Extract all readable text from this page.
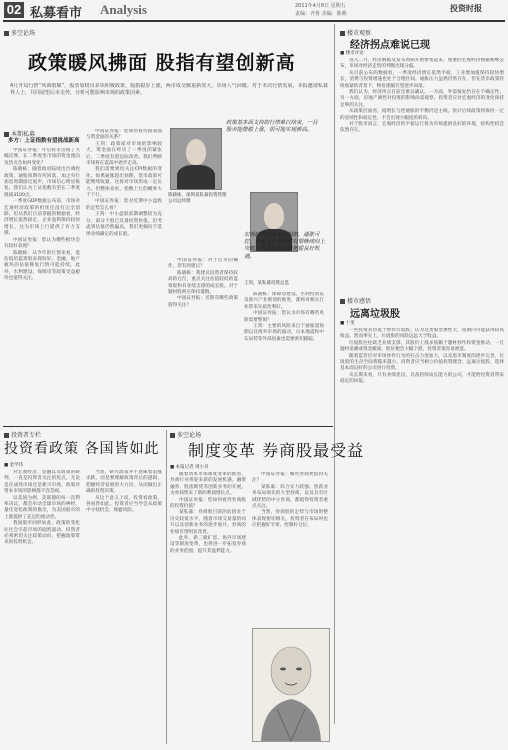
02 私募看市 Analysis	2011年4月8日 星期五
责编：齐鲁 美编：陈燕
投资时报
多空论场
政策暖风拂面 股指有望创新高
4月开局行情“风调雨顺”，股票加权出多项积极政策，股指稳步上涨，两市成交额重新放大，市场人气回暖。对于本次行情发展，本报邀请私募界人士，共同展望后市走势，分析可能影响市场的政策因素。
本期私募
多方：上证指数有望挑战新高

中国证券报：年后股市出现了大幅反弹，在二季度里市场的资金流向及热点会如何变化？

陈晓栋：随着政府陆续出台调控政策，通胀预期有所回落，加之央行加息周期接近尾声，市场信心明显恢复。我们认为上证指数有望在二季度挑战3100点。

一季度GDP数据公布前，市场对宏观经济政策的担忧还没有完全消除。但从我们目前掌握的数据看，经济增长依然稳定，企业盈利保持较快增长，这为市场上行提供了有力支撑。

中国证券报：您认为哪些板块会有较好表现？

陈晓栋：从今年的行情来看，低估值的蓝筹股表现较好，金融、地产板块的估值修复行情可能持续。此外，水利建设、保障房等政策受益板块也值得关注。

中国证券报：您如何看待政策面与资金面的关系？

王剑：政策面对市场的影响较大，资金面在经历了一季度的紧张后，二季度有望边际改善。我们判断市场将在震荡中逐步走高。

我们需要密切关注CPI数据的变化。如果通胀超出预期，货币政策可能继续收紧，这将对市场形成一定压力。但整体来看，指数上行的概率大于下行。

中国证券报：您对近期中小盘股的走势怎么看？

王剑：中小盘股前期调整较为充分，部分个股已具备投资价值。但考虑到估值仍然偏高，我们更倾向于选择业绩确定的成长股。

中国证券报：对于后市的操作，您有何建议？

陈晓栋：我建议投资者保持较高的仓位，重点关注估值较低的蓝筹股和有业绩支撑的成长股。对于题材股则应保持谨慎。

中国证券报：近期有哪些政策值得关注？

陈晓栋：保障房建设、水利投资以及新兴产业规划的推进，都将对相关行业带来实质性利好。

中国证券报：您认为市场有哪些风险需要警惕？

王剑：主要的风险来自于通胀超预期以及海外市场的波动，日本地震和中东局势等外部因素也需要密切跟踪。

政策基本面支持的行情难以结束，一旦股市能摆脱上涨，很可能实现新高。
陈晓栋，深圳某私募投资管理公司总经理
宏观经济政策走向明朗，通胀可控，未来上证指数将有望继续向上突破，风险投资者应把握良好机遇。
王剑，某私募投资总监
楼市观察
经济拐点难说已现
■ 楼市评论

进入二月，经济数据及发布周期开始密集起来，重要的宏观经济数据相继公布，市场对经济走势的判断出现分歧。

从目前公布的数据看，一季度经济增长依然平稳，工业增加值保持较快增长，消费与投资增速也处于合理区间。通胀压力虽然仍然存在，但在货币政策持续收紧的背景下，物价涨幅有望逐步回落。

我们认为，经济拐点目前还难以确认。一方面，外需恢复仍存在不确定性；另一方面，房地产调控对投资的影响尚需观察。投资者应对宏观经济的变化保持足够的关注。

从政策层面看，稳增长与控通胀的平衡仍是主线。预计后续政策将保持一定的连续性和稳定性，不会出现大幅度的转向。

对于股市而言，宏观经济的平稳运行将为市场提供良好的环境，结构性机会依然存在。

楼市感悟
远离垃圾股
■ 十里

一些投资者热衷于炒作垃圾股，认为这类股票弹性大，短期内可能获得较高收益。然而事实上，垃圾股的风险远远大于收益。

垃圾股往往缺乏业绩支撑，其股价上涨多依赖于题材炒作和资金推动，一旦题材退潮或资金撤离，股价便会大幅下跌，投资者很容易被套。

随着监管层对市场炒作行为的打击力度加大，以及退市制度的逐步完善，垃圾股的生存空间将越来越小。投资者应当树立价值投资理念，远离垃圾股，选择基本面良好的公司进行投资。

从长期来看，只有业绩优良、具备持续成长能力的公司，才能给投资者带来稳定的回报。

投资者专栏
投资看政策 各国皆如此
■ 金学伟

对宏观经济、金融以及政策的研判，一直是投资者关注的焦点。无论是在成熟市场还是新兴市场，政策对资本市场的影响都不容忽视。

以美国为例，美联储的每一次利率决议，都会牵动全球市场的神经。量化宽松政策的推出，为美国股市的上涨提供了充足的流动性。

我国股市同样如此。政策的变化往往会引起市场的剧烈波动，投资者必须密切关注政策动向，把握政策带来的投资机会。

当然，研究政策并不意味着追涨杀跌，而是要理解政策背后的逻辑，把握经济发展的大方向，从而做出正确的投资决策。

从这个意义上说，投资看政策，各国皆如此。投资者应当学会从政策中寻找机会，规避风险。

多空论场
制度变革 券商股最受益
■ 本报记者 周小舟

随着资本市场制度变革的推进，券商行业将迎来新的发展机遇。融资融券、股指期货等创新业务的开展，为券商带来了新的利润增长点。

中国证券报：您如何看待券商股的投资价值？

某私募：券商股目前的估值处于历史较低水平，随着市场交易量的回升以及创新业务的逐步展开，券商的业绩有望明显改善。

此外，新三板扩容、场外市场建设等制度变革，也将进一步拓宽券商的业务范围，提升其盈利能力。

中国证券报：哪些券商更值得关注？

某私募：综合实力较强、创新业务布局领先的大型券商，以及具有区域优势的中小券商，都值得投资者重点关注。

当然，券商股的走势与市场的整体表现密切相关，投资者在布局时也应把握好节奏，控制好仓位。
